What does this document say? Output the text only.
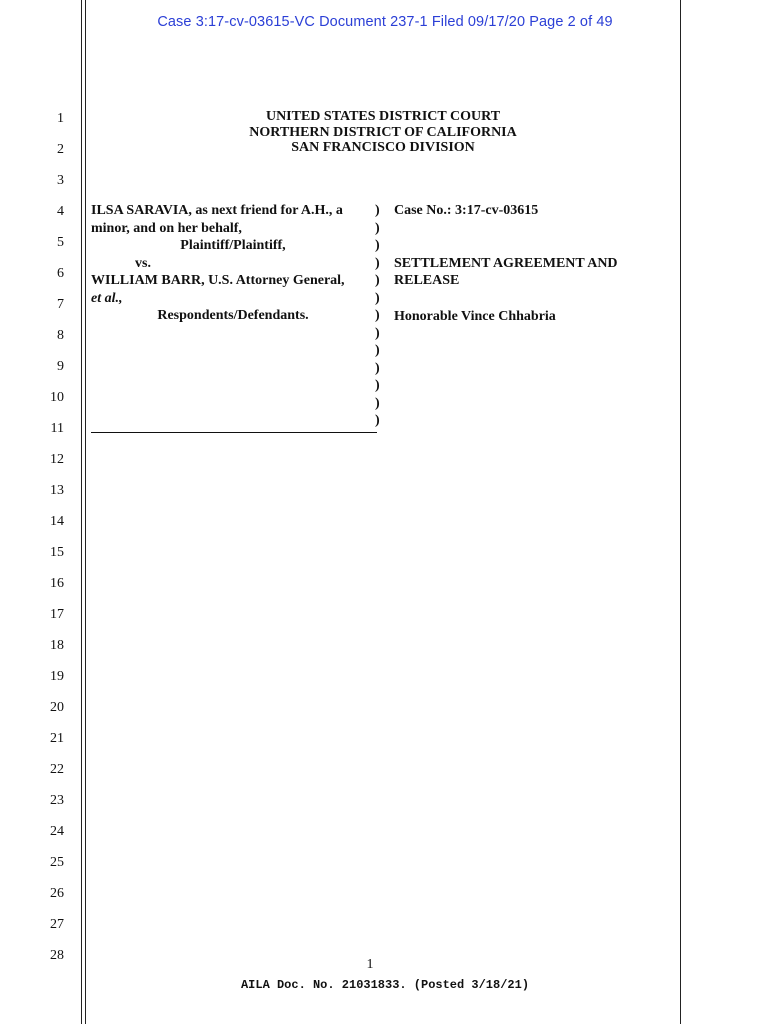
Case 3:17-cv-03615-VC Document 237-1 Filed 09/17/20 Page 2 of 49
1
2
3
4
5
6
7
8
9
10
11
12
13
14
15
16
17
18
19
20
21
22
23
24
25
26
27
28
UNITED STATES DISTRICT COURT
NORTHERN DISTRICT OF CALIFORNIA
SAN FRANCISCO DIVISION
ILSA SARAVIA, as next friend for A.H., a
minor, and on her behalf,
Plaintiff/Plaintiff,
vs.
WILLIAM BARR, U.S. Attorney General,
et al.,
Respondents/Defendants.
)
)
)
)
)
)
)
)
)
)
)
)
)
Case No.: 3:17-cv-03615
SETTLEMENT AGREEMENT AND
RELEASE
Honorable Vince Chhabria
1
AILA Doc. No. 21031833. (Posted 3/18/21)
